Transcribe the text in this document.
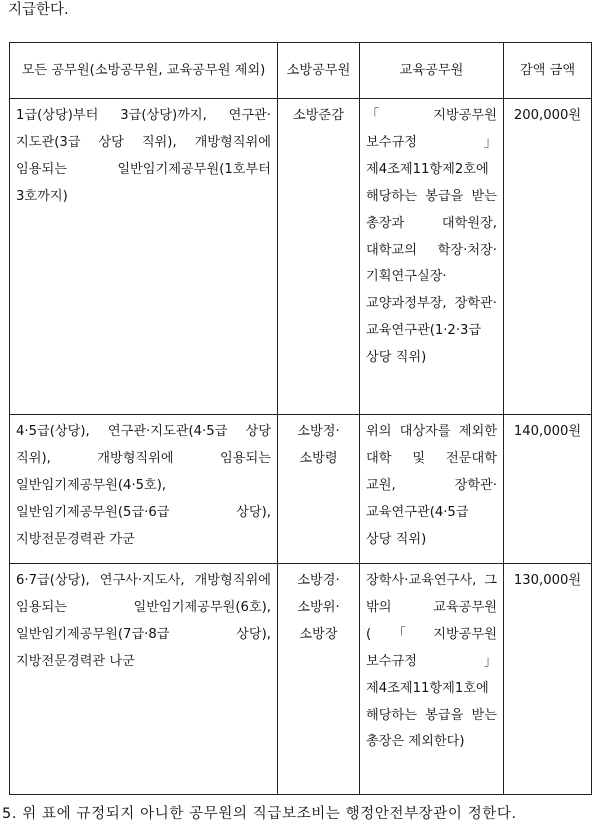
지급한다.
모든 공무원(소방공무원, 교육공무원 제외)	소방공무원	교육공무원	감액 금액
1급(상당)부터 3급(상당)까지, 연구관·지도관(3급 상당 직위), 개방형직위에 임용되는 일반임기제공무원(1호부터 3호까지)	소방준감	「지방공무원 보수규정」 제4조제11항제2호에 해당하는 봉급을 받는 총장과 대학원장, 대학교의 학장·처장·기획연구실장·교양과정부장, 장학관·교육연구관(1·2·3급 상당 직위)	200,000원
4·5급(상당), 연구관·지도관(4·5급 상당 직위), 개방형직위에 임용되는 일반임기제공무원(4·5호), 일반임기제공무원(5급·6급 상당), 지방전문경력관 가군	소방정·소방령	위의 대상자를 제외한 대학 및 전문대학 교원, 장학관·교육연구관(4·5급 상당 직위)	140,000원
6·7급(상당), 연구사·지도사, 개방형직위에 임용되는 일반임기제공무원(6호), 일반임기제공무원(7급·8급 상당), 지방전문경력관 나군	소방경·소방위·소방장	장학사·교육연구사, 그 밖의 교육공무원(「지방공무원 보수규정」 제4조제11항제1호에 해당하는 봉급을 받는 총장은 제외한다)	130,000원
5. 위 표에 규정되지 아니한 공무원의 직급보조비는 행정안전부장관이 정한다.
